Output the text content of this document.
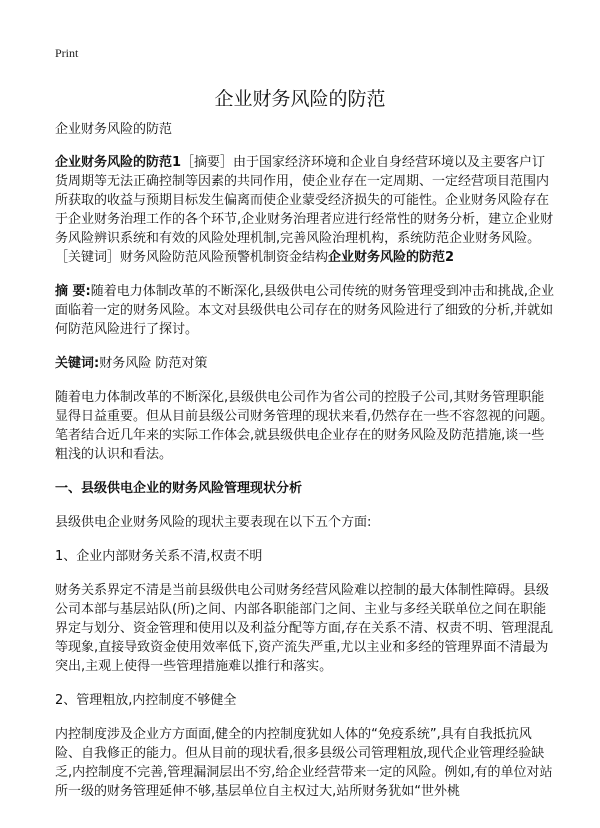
Print
企业财务风险的防范

企业财务风险的防范

企业财务风险的防范1［摘要］由于国家经济环境和企业自身经营环境以及主要客户订货周期等无法正确控制等因素的共同作用，使企业存在一定周期、一定经营项目范围内所获取的收益与预期目标发生偏离而使企业蒙受经济损失的可能性。企业财务风险存在于企业财务治理工作的各个环节,企业财务治理者应进行经常性的财务分析，建立企业财务风险辨识系统和有效的风险处理机制,完善风险治理机构，系统防范企业财务风险。［关键词］财务风险防范风险预警机制资金结构企业财务风险的防范2

摘 要:随着电力体制改革的不断深化,县级供电公司传统的财务管理受到冲击和挑战,企业面临着一定的财务风险。本文对县级供电公司存在的财务风险进行了细致的分析,并就如何防范风险进行了探讨。

关键词:财务风险 防范对策

随着电力体制改革的不断深化,县级供电公司作为省公司的控股子公司,其财务管理职能显得日益重要。但从目前县级公司财务管理的现状来看,仍然存在一些不容忽视的问题。笔者结合近几年来的实际工作体会,就县级供电企业存在的财务风险及防范措施,谈一些粗浅的认识和看法。

一、县级供电企业的财务风险管理现状分析

县级供电企业财务风险的现状主要表现在以下五个方面:

1、企业内部财务关系不清,权责不明

财务关系界定不清是当前县级供电公司财务经营风险难以控制的最大体制性障碍。县级公司本部与基层站队(所)之间、内部各职能部门之间、主业与多经关联单位之间在职能界定与划分、资金管理和使用以及利益分配等方面,存在关系不清、权责不明、管理混乱等现象,直接导致资金使用效率低下,资产流失严重,尤以主业和多经的管理界面不清最为突出,主观上使得一些管理措施难以推行和落实。

2、管理粗放,内控制度不够健全

内控制度涉及企业方方面面,健全的内控制度犹如人体的“免疫系统”,具有自我抵抗风险、自我修正的能力。但从目前的现状看,很多县级公司管理粗放,现代企业管理经验缺乏,内控制度不完善,管理漏洞层出不穷,给企业经营带来一定的风险。例如,有的单位对站所一级的财务管理延伸不够,基层单位自主权过大,站所财务犹如“世外桃
